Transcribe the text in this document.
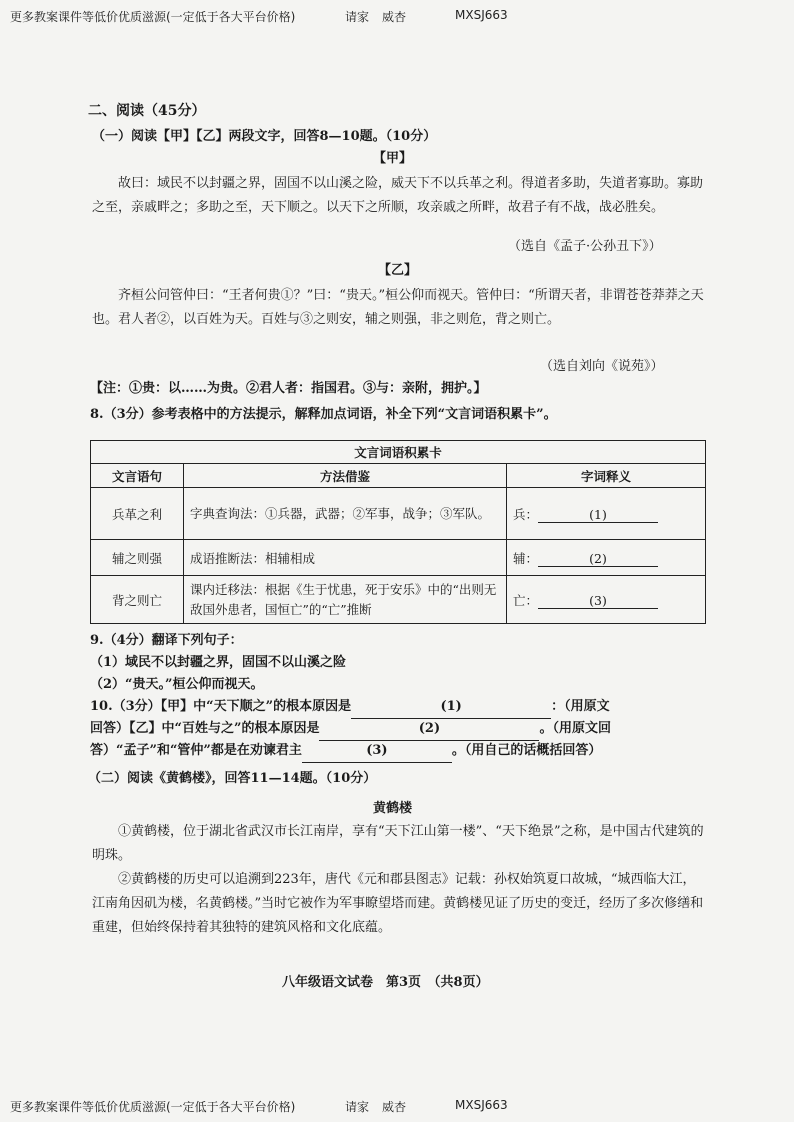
更多教案课件等低价优质滋源(一定低于各大平台价格)	请家 威杏	MXSJ663
二、阅读（45分）
（一）阅读【甲】【乙】两段文字，回答8—10题。（10分）
【甲】
故曰：域民不以封疆之界，固国不以山溪之险，威天下不以兵革之利。得道者多助，失道者寡助。寡助之至，亲戚畔之；多助之至，天下顺之。以天下之所顺，攻亲戚之所畔，故君子有不战，战必胜矣。
（选自《孟子·公孙丑下》）
【乙】
齐桓公问管仲曰：“王者何贵①？”曰：“贵天。”桓公仰而视天。管仲曰：“所谓天者，非谓苍苍莽莽之天也。君人者②，以百姓为天。百姓与③之则安，辅之则强，非之则危，背之则亡。
（选自刘向《说苑》）
【注：①贵：以……为贵。②君人者：指国君。③与：亲附，拥护。】
8.（3分）参考表格中的方法提示，解释加点词语，补全下列“文言词语积累卡”。
文言词语积累卡		
文言语句	方法借鉴	字词释义
兵革之利	字典查询法：①兵器，武器；②军事，战争；③军队。	兵： (1)
辅之则强	成语推断法：相辅相成	辅： (2)
背之则亡	课内迁移法：根据《生于忧患，死于安乐》中的“出则无敌国外患者，国恒亡”的“亡”推断	亡： (3)
9.（4分）翻译下列句子：
（1）域民不以封疆之界，固国不以山溪之险
（2）“贵天。”桓公仰而视天。
10.（3分）【甲】中“天下顺之”的根本原因是	(1)	：（用原文
回答）【乙】中“百姓与之”的根本原因是	(2)	。（用原文回
答）“孟子”和“管仲”都是在劝谏君主	(3)	。（用自己的话概括回答）
（二）阅读《黄鹤楼》，回答11—14题。（10分）
黄鹤楼
①黄鹤楼，位于湖北省武汉市长江南岸，享有“天下江山第一楼”、“天下绝景”之称，是中国古代建筑的明珠。
②黄鹤楼的历史可以追溯到223年，唐代《元和郡县图志》记载：孙权始筑夏口故城，“城西临大江，江南角因矶为楼，名黄鹤楼。”当时它被作为军事瞭望塔而建。黄鹤楼见证了历史的变迁，经历了多次修缮和重建，但始终保持着其独特的建筑风格和文化底蕴。
八年级语文试卷　第3页　（共8页）
更多教案课件等低价优质滋源(一定低于各大平台价格)	请家 威杏	MXSJ663
